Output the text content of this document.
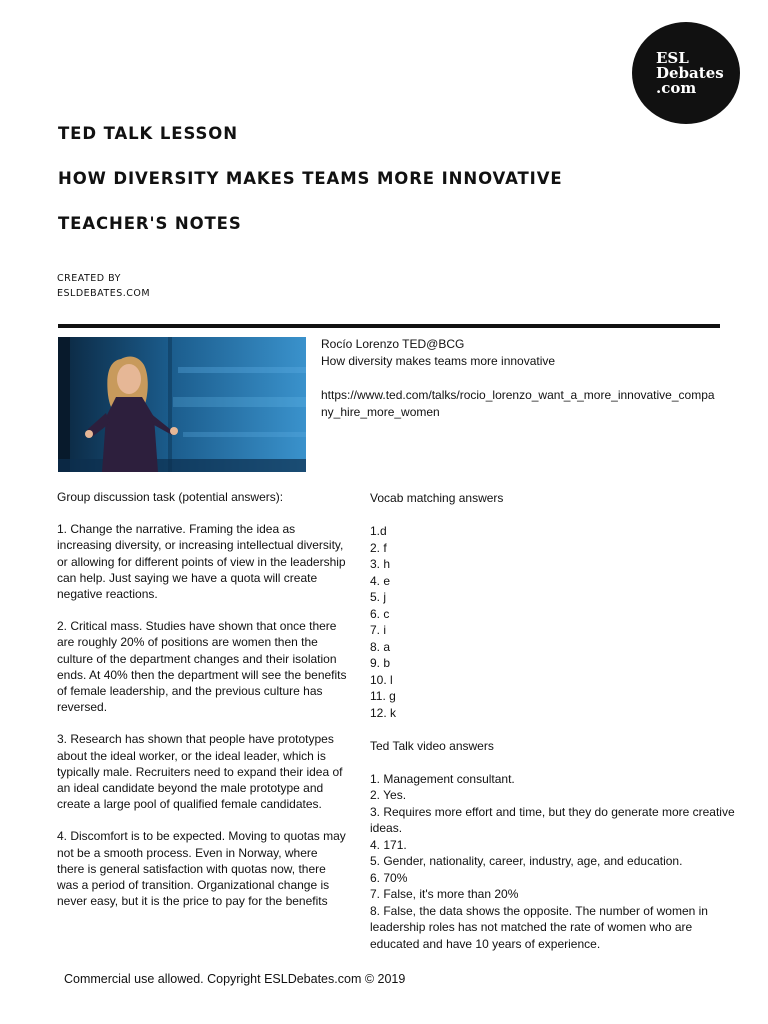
ESL
Debates
.com
TED TALK LESSON
HOW DIVERSITY MAKES TEAMS MORE INNOVATIVE
TEACHER'S NOTES
CREATED BY
ESLDEBATES.COM
Rocío Lorenzo TED@BCG
How diversity makes teams more innovative
https://www.ted.com/talks/rocio_lorenzo_want_a_more_innovative_company_hire_more_women

Group discussion task (potential answers):

1. Change the narrative. Framing the idea as increasing diversity, or increasing intellectual diversity, or allowing for different points of view in the leadership can help. Just saying we have a quota will create negative reactions.

2. Critical mass. Studies have shown that once there are roughly 20% of positions are women then the culture of the department changes and their isolation ends. At 40% then the department will see the benefits of female leadership, and the previous culture has reversed.

3. Research has shown that people have prototypes about the ideal worker, or the ideal leader, which is typically male. Recruiters need to expand their idea of an ideal candidate beyond the male prototype and create a large pool of qualified female candidates.

4. Discomfort is to be expected. Moving to quotas may not be a smooth process. Even in Norway, where there is general satisfaction with quotas now, there was a period of transition. Organizational change is never easy, but it is the price to pay for the benefits

Vocab matching answers

1.d

2. f

3. h

4. e

5. j

6. c

7. i

8. a

9. b

10. l

11. g

12. k

Ted Talk video answers

1. Management consultant.

2. Yes.

3. Requires more effort and time, but they do generate more creative ideas.

4. 171.

5. Gender, nationality, career, industry, age, and education.

6. 70%

7. False, it's more than 20%

8. False, the data shows the opposite. The number of women in leadership roles has not matched the rate of women who are educated and have 10 years of experience.

Commercial use allowed. Copyright ESLDebates.com © 2019
